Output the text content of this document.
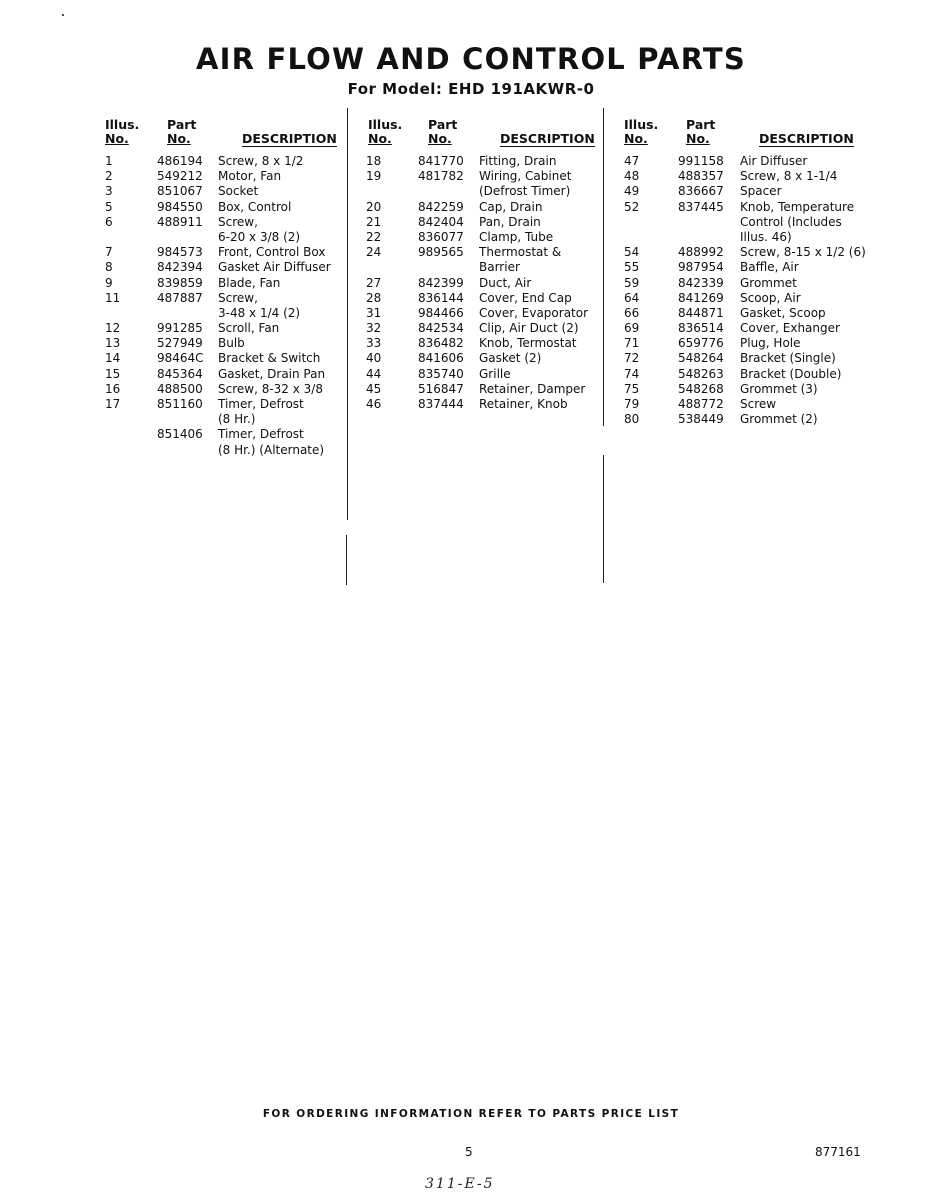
AIR FLOW AND CONTROL PARTS
For Model: EHD 191AKWR-0
Illus.
No.
Part
No.	DESCRIPTION
1	486194 Screw, 8 x 1/2
2	549212 Motor, Fan
3	851067 Socket
5	984550 Box, Control
6	488911 Screw,
6-20 x 3/8 (2)
7	984573 Front, Control Box
8	842394 Gasket Air Diffuser
9	839859 Blade, Fan
11	487887 Screw,
3-48 x 1/4 (2)
12	991285 Scroll, Fan
13	527949 Bulb
14	98464C Bracket & Switch
15	845364 Gasket, Drain Pan
16	488500 Screw, 8-32 x 3/8
17	851160 Timer, Defrost
(8 Hr.)
851406 Timer, Defrost
(8 Hr.) (Alternate)
Illus.
No.
Part
No.	DESCRIPTION
18	841770 Fitting, Drain
19	481782 Wiring, Cabinet
(Defrost Timer)
20	842259 Cap, Drain
21	842404 Pan, Drain
22	836077 Clamp, Tube
24	989565 Thermostat &
Barrier
27	842399 Duct, Air
28	836144 Cover, End Cap
31	984466 Cover, Evaporator
32	842534 Clip, Air Duct (2)
33	836482 Knob, Termostat
40	841606 Gasket (2)
44	835740 Grille
45	516847 Retainer, Damper
46	837444 Retainer, Knob
Illus.
No.
Part
No.	DESCRIPTION
47	991158 Air Diffuser
48	488357 Screw, 8 x 1-1/4
49	836667 Spacer
52	837445 Knob, Temperature
Control (Includes
Illus. 46)
54	488992 Screw, 8-15 x 1/2 (6)
55	987954 Baffle, Air
59	842339 Grommet
64	841269 Scoop, Air
66	844871 Gasket, Scoop
69	836514 Cover, Exhanger
71	659776 Plug, Hole
72	548264 Bracket (Single)
74	548263 Bracket (Double)
75	548268 Grommet (3)
79	488772 Screw
80	538449 Grommet (2)
FOR ORDERING INFORMATION REFER TO PARTS PRICE LIST
5	877161
311-E-5
